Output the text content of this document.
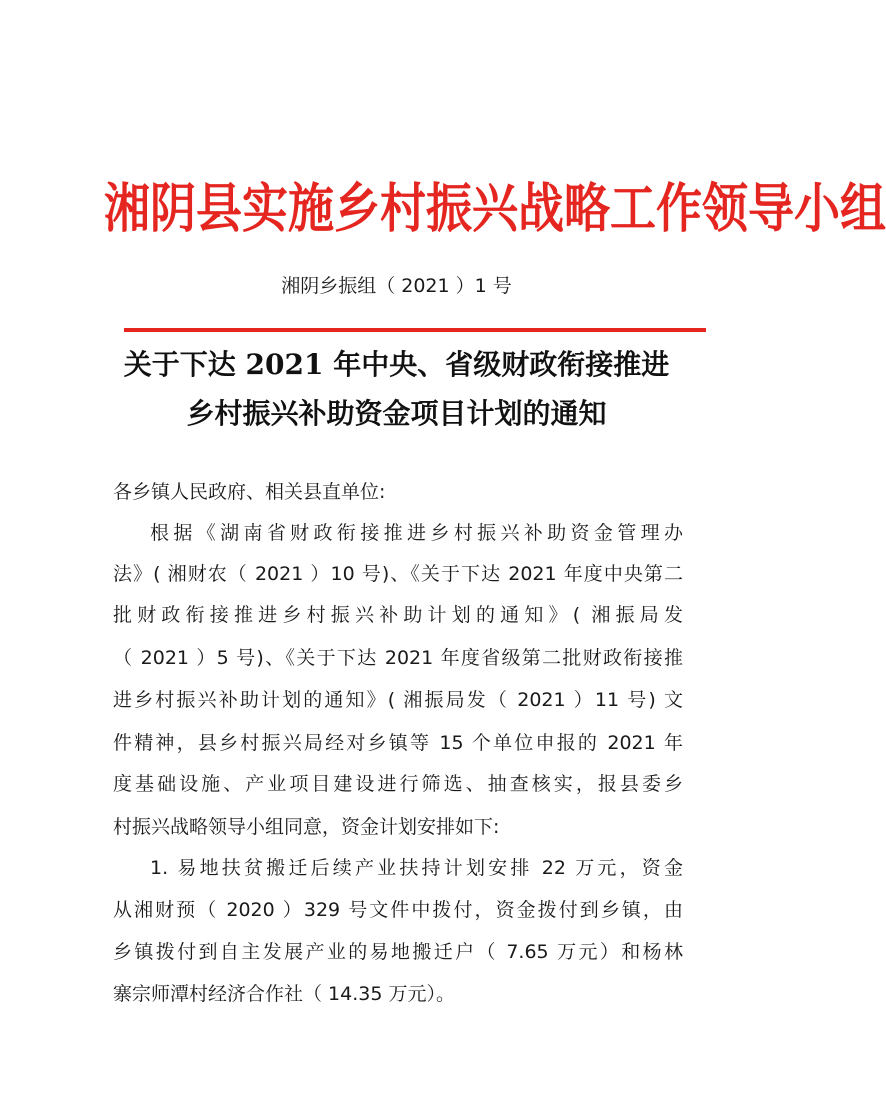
湘阴县实施乡村振兴战略工作领导小组
湘阴乡振组（ 2021 ）1 号
关于下达 2021 年中央、省级财政衔接推进
乡村振兴补助资金项目计划的通知
各乡镇人民政府、相关县直单位:
根据《湖南省财政衔接推进乡村振兴补助资金管理办
法》( 湘财农（ 2021 ）10 号)、《关于下达 2021 年度中央第二
批财政衔接推进乡村振兴补助计划的通知》( 湘振局发
（ 2021 ）5 号)、《关于下达 2021 年度省级第二批财政衔接推
进乡村振兴补助计划的通知》( 湘振局发（ 2021 ）11 号) 文
件精神，县乡村振兴局经对乡镇等 15 个单位申报的 2021 年
度基础设施、产业项目建设进行筛选、抽查核实，报县委乡
村振兴战略领导小组同意，资金计划安排如下:
1. 易地扶贫搬迁后续产业扶持计划安排 22 万元，资金
从湘财预（ 2020 ）329 号文件中拨付，资金拨付到乡镇，由
乡镇拨付到自主发展产业的易地搬迁户（ 7.65 万元）和杨林
寨宗师潭村经济合作社（ 14.35 万元）。
